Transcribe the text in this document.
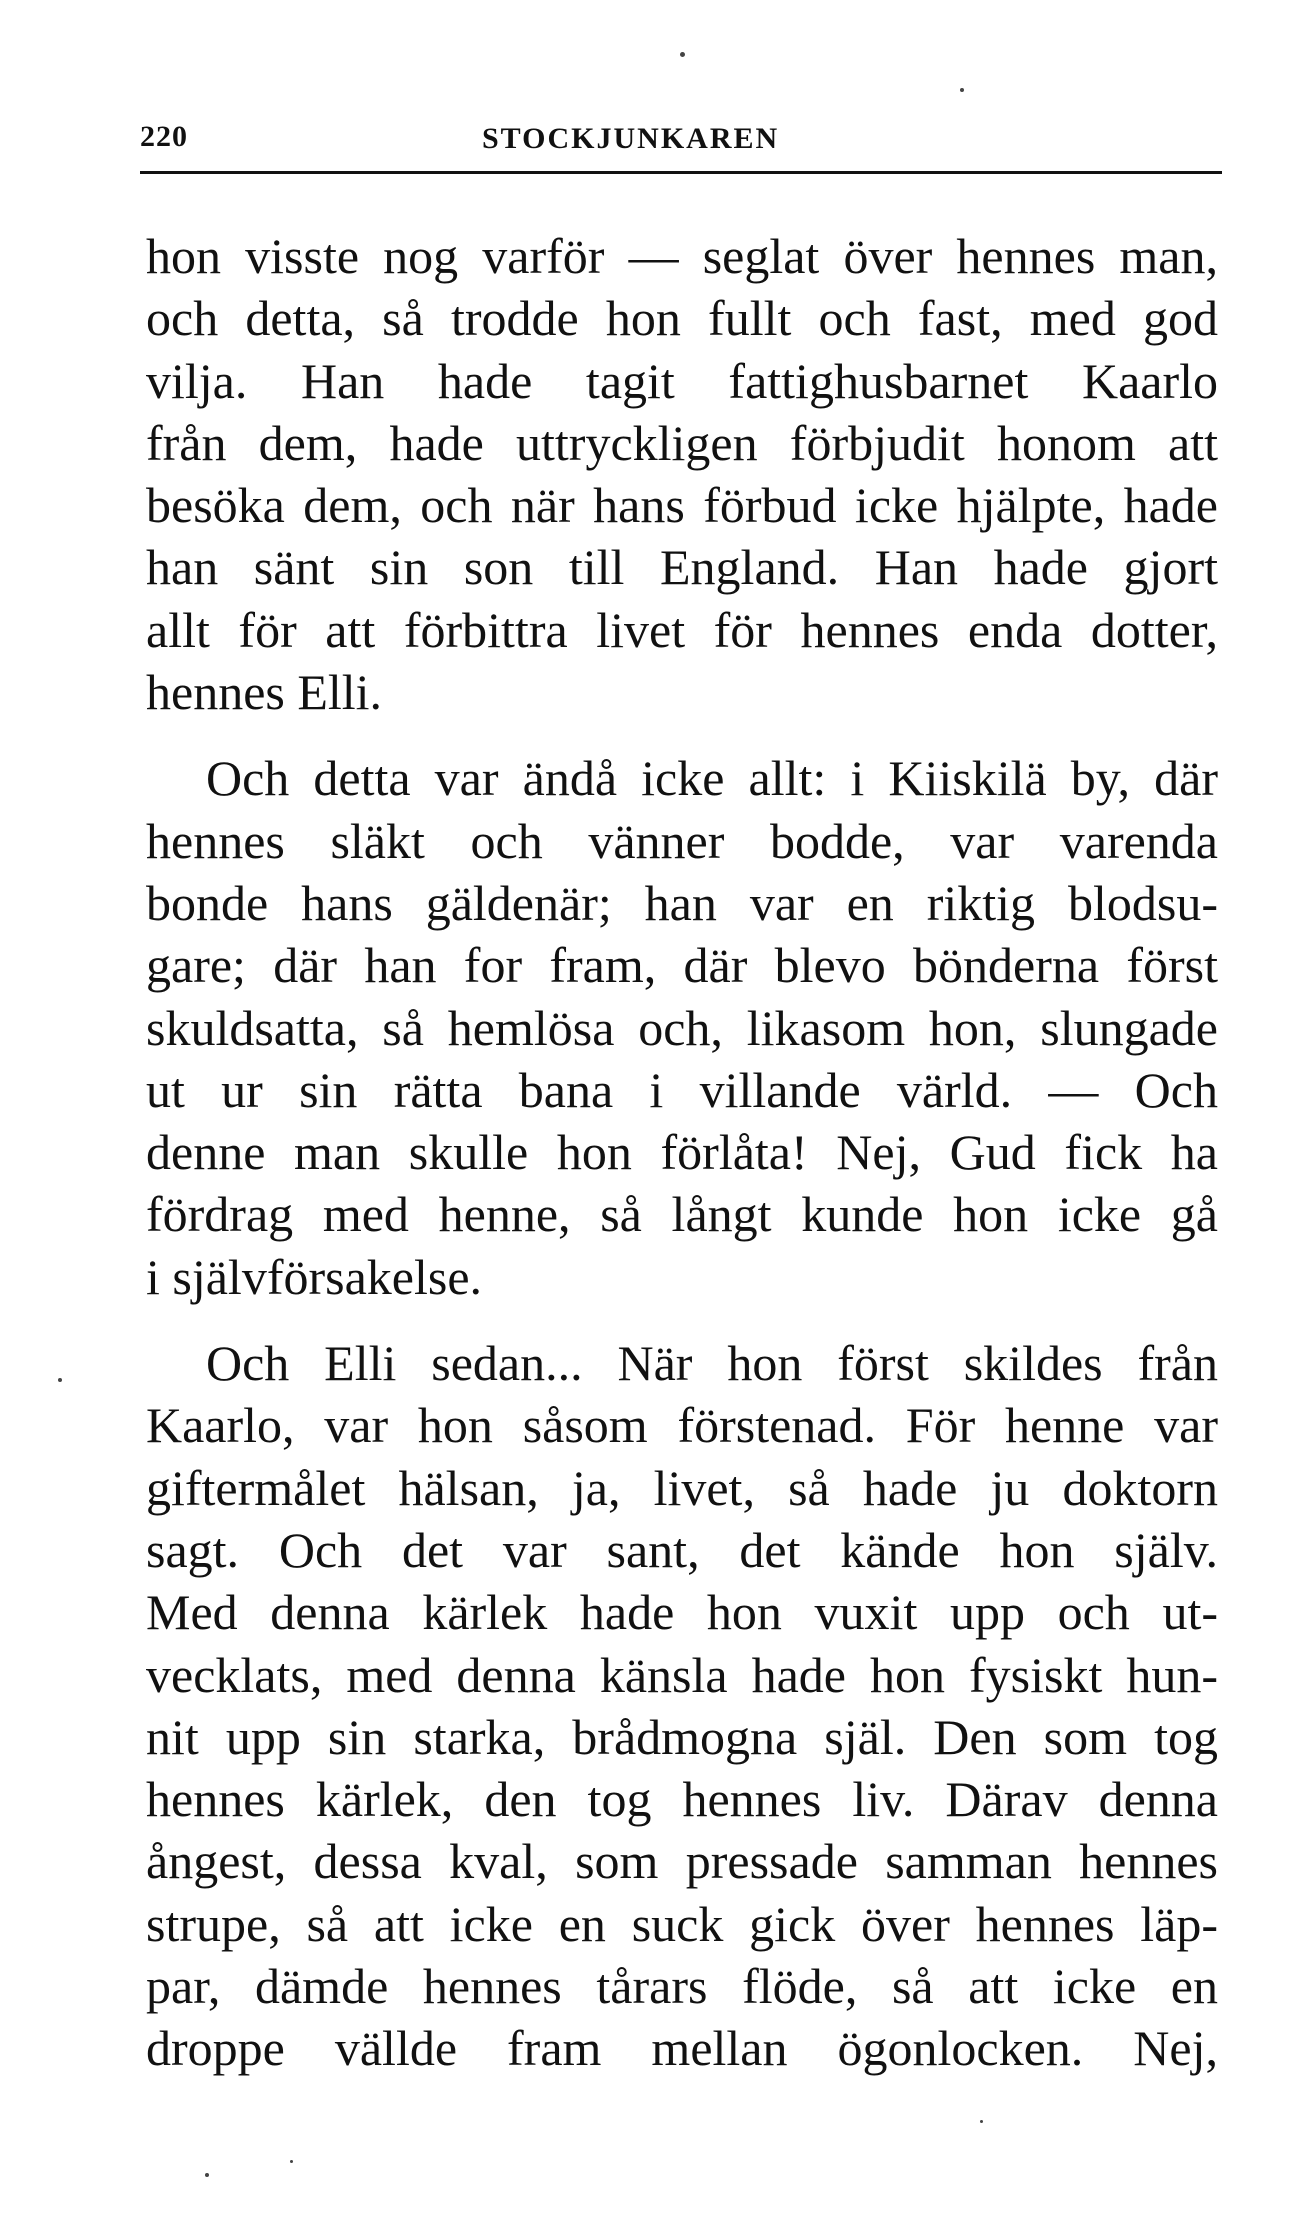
220	STOCKJUNKAREN
hon visste nog varför — seglat över hennes man,
och detta, så trodde hon fullt och fast, med god
vilja. Han hade tagit fattighusbarnet Kaarlo
från dem, hade uttryckligen förbjudit honom att
besöka dem, och när hans förbud icke hjälpte, hade
han sänt sin son till England. Han hade gjort
allt för att förbittra livet för hennes enda dotter,
hennes Elli.
Och detta var ändå icke allt: i Kiiskilä by, där
hennes släkt och vänner bodde, var varenda
bonde hans gäldenär; han var en riktig blodsu-
gare; där han for fram, där blevo bönderna först
skuldsatta, så hemlösa och, likasom hon, slungade
ut ur sin rätta bana i villande värld. — Och
denne man skulle hon förlåta! Nej, Gud fick ha
fördrag med henne, så långt kunde hon icke gå
i självförsakelse.
Och Elli sedan... När hon först skildes från
Kaarlo, var hon såsom förstenad. För henne var
giftermålet hälsan, ja, livet, så hade ju doktorn
sagt. Och det var sant, det kände hon själv.
Med denna kärlek hade hon vuxit upp och ut-
vecklats, med denna känsla hade hon fysiskt hun-
nit upp sin starka, brådmogna själ. Den som tog
hennes kärlek, den tog hennes liv. Därav denna
ångest, dessa kval, som pressade samman hennes
strupe, så att icke en suck gick över hennes läp-
par, dämde hennes tårars flöde, så att icke en
droppe vällde fram mellan ögonlocken. Nej,
